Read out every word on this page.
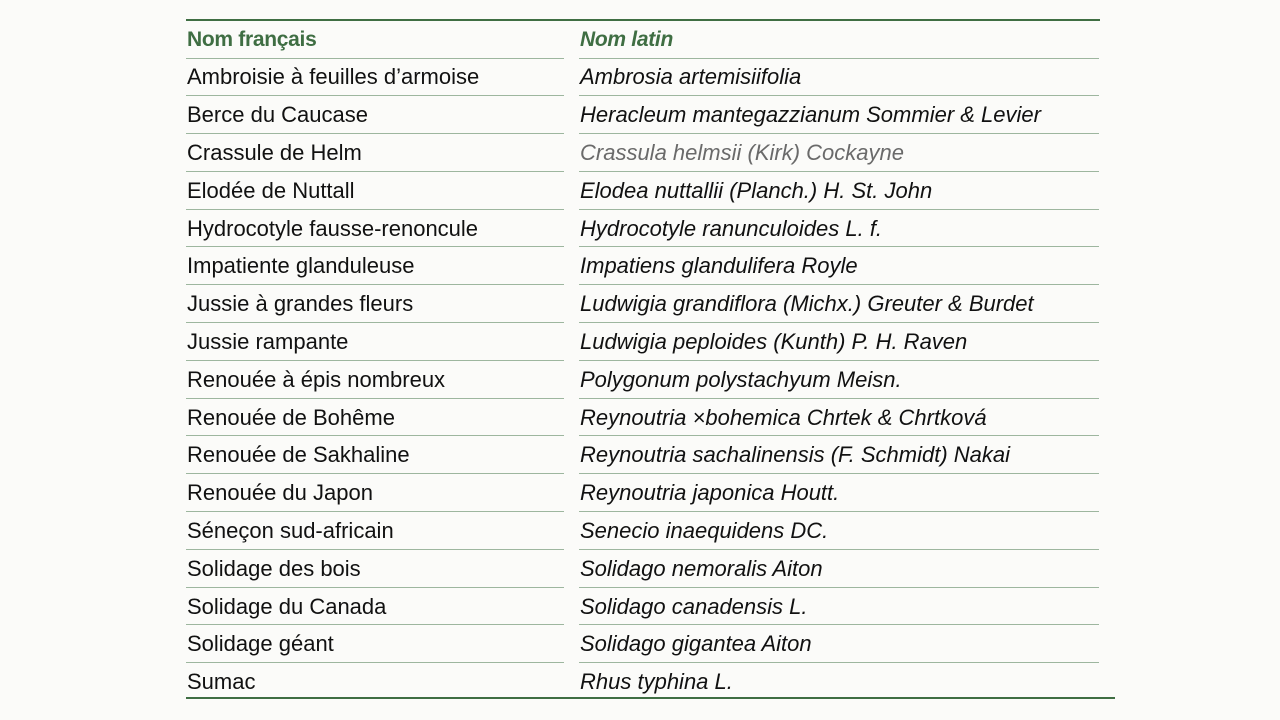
Nom français	Nom latin
Ambroisie à feuilles d’armoise	Ambrosia artemisiifolia
Berce du Caucase	Heracleum mantegazzianum Sommier & Levier
Crassule de Helm	Crassula helmsii (Kirk) Cockayne
Elodée de Nuttall	Elodea nuttallii (Planch.) H. St. John
Hydrocotyle fausse-renoncule	Hydrocotyle ranunculoides L. f.
Impatiente glanduleuse	Impatiens glandulifera Royle
Jussie à grandes fleurs	Ludwigia grandiflora (Michx.) Greuter & Burdet
Jussie rampante	Ludwigia peploides (Kunth) P. H. Raven
Renouée à épis nombreux	Polygonum polystachyum Meisn.
Renouée de Bohême	Reynoutria ×bohemica Chrtek & Chrtková
Renouée de Sakhaline	Reynoutria sachalinensis (F. Schmidt) Nakai
Renouée du Japon	Reynoutria japonica Houtt.
Séneçon sud-africain	Senecio inaequidens DC.
Solidage des bois	Solidago nemoralis Aiton
Solidage du Canada	Solidago canadensis L.
Solidage géant	Solidago gigantea Aiton
Sumac	Rhus typhina L.
